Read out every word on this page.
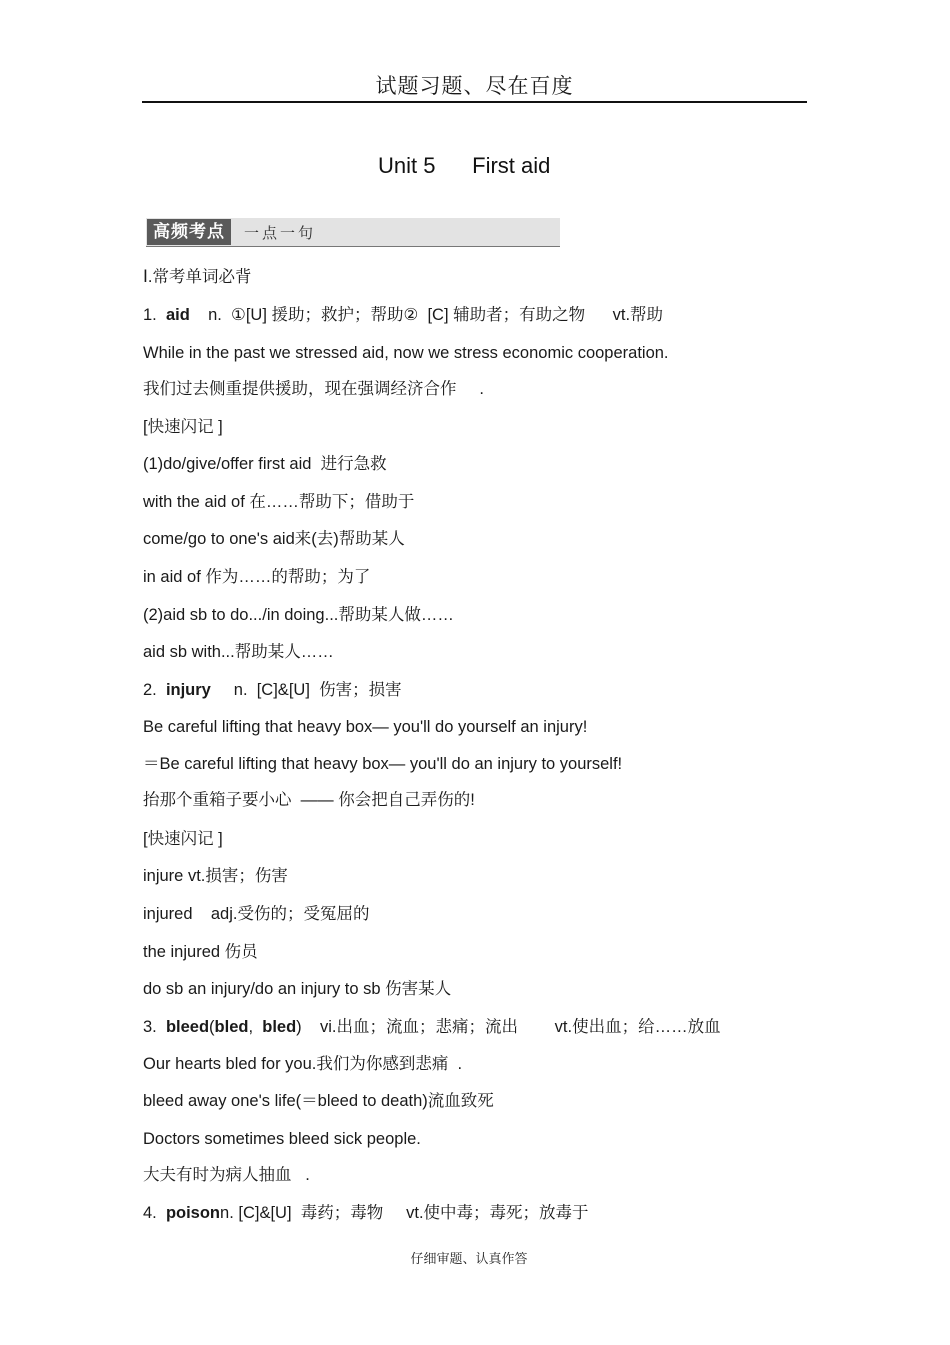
试题习题、尽在百度
Unit 5      First aid
高频考点	一点一句
Ⅰ.常考单词必背
1.  aid    n.  ①[U] 援助；救护；帮助②  [C] 辅助者；有助之物      vt.帮助
While in the past we stressed aid, now we stress economic cooperation.
我们过去侧重提供援助，现在强调经济合作     .
[快速闪记 ]
(1)do/give/offer first aid  进行急救
with the aid of 在……帮助下；借助于
come/go to one's aid来(去)帮助某人
in aid of 作为……的帮助；为了
(2)aid sb to do.../in doing...帮助某人做……
aid sb with...帮助某人……
2.  injury     n.  [C]&[U]  伤害；损害
Be careful lifting that heavy box— you'll do yourself an injury!
＝Be careful lifting that heavy box— you'll do an injury to yourself!
抬那个重箱子要小心  —— 你会把自己弄伤的!
[快速闪记 ]
injure vt.损害；伤害
injured    adj.受伤的；受冤屈的
the injured 伤员
do sb an injury/do an injury to sb 伤害某人
3.  bleed(bled,  bled)    vi.出血；流血；悲痛；流出        vt.使出血；给……放血
Our hearts bled for you.我们为你感到悲痛  .
bleed away one's life(＝bleed to death)流血致死
Doctors sometimes bleed sick people.
大夫有时为病人抽血   .
4.  poisonn. [C]&[U]  毒药；毒物     vt.使中毒；毒死；放毒于
仔细审题、认真作答
